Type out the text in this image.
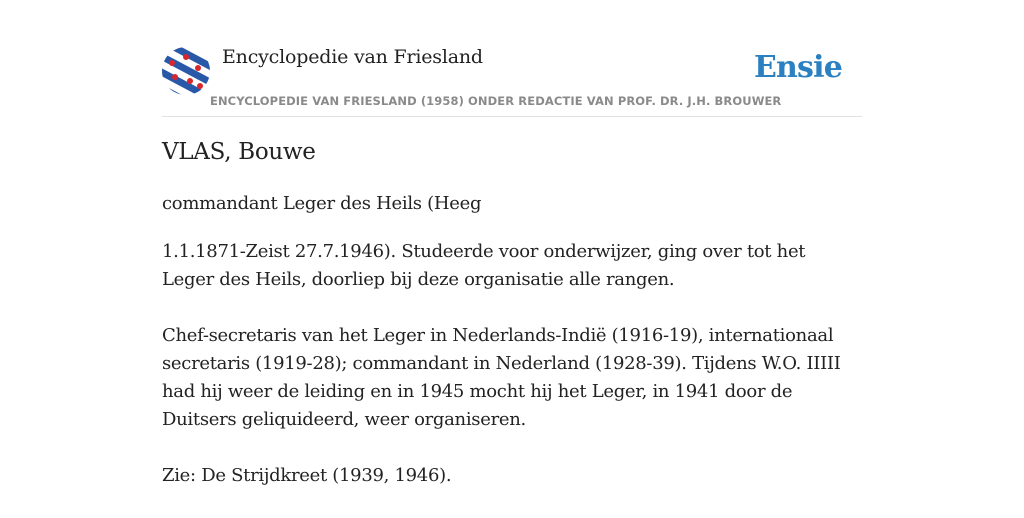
Encyclopedie van Friesland
ENCYCLOPEDIE VAN FRIESLAND (1958) ONDER REDACTIE VAN PROF. DR. J.H. BROUWER
Ensie
VLAS, Bouwe
commandant Leger des Heils (Heeg

1.1.1871-Zeist 27.7.1946). Studeerde voor onderwijzer, ging over tot het Leger des Heils, doorliep bij deze organisatie alle rangen.

Chef-secretaris van het Leger in Nederlands-Indië (1916-19), internationaal secretaris (1919-28); commandant in Nederland (1928-39). Tijdens W.O. IIIII had hij weer de leiding en in 1945 mocht hij het Leger, in 1941 door de Duitsers geliquideerd, weer organiseren.

Zie: De Strijdkreet (1939, 1946).
